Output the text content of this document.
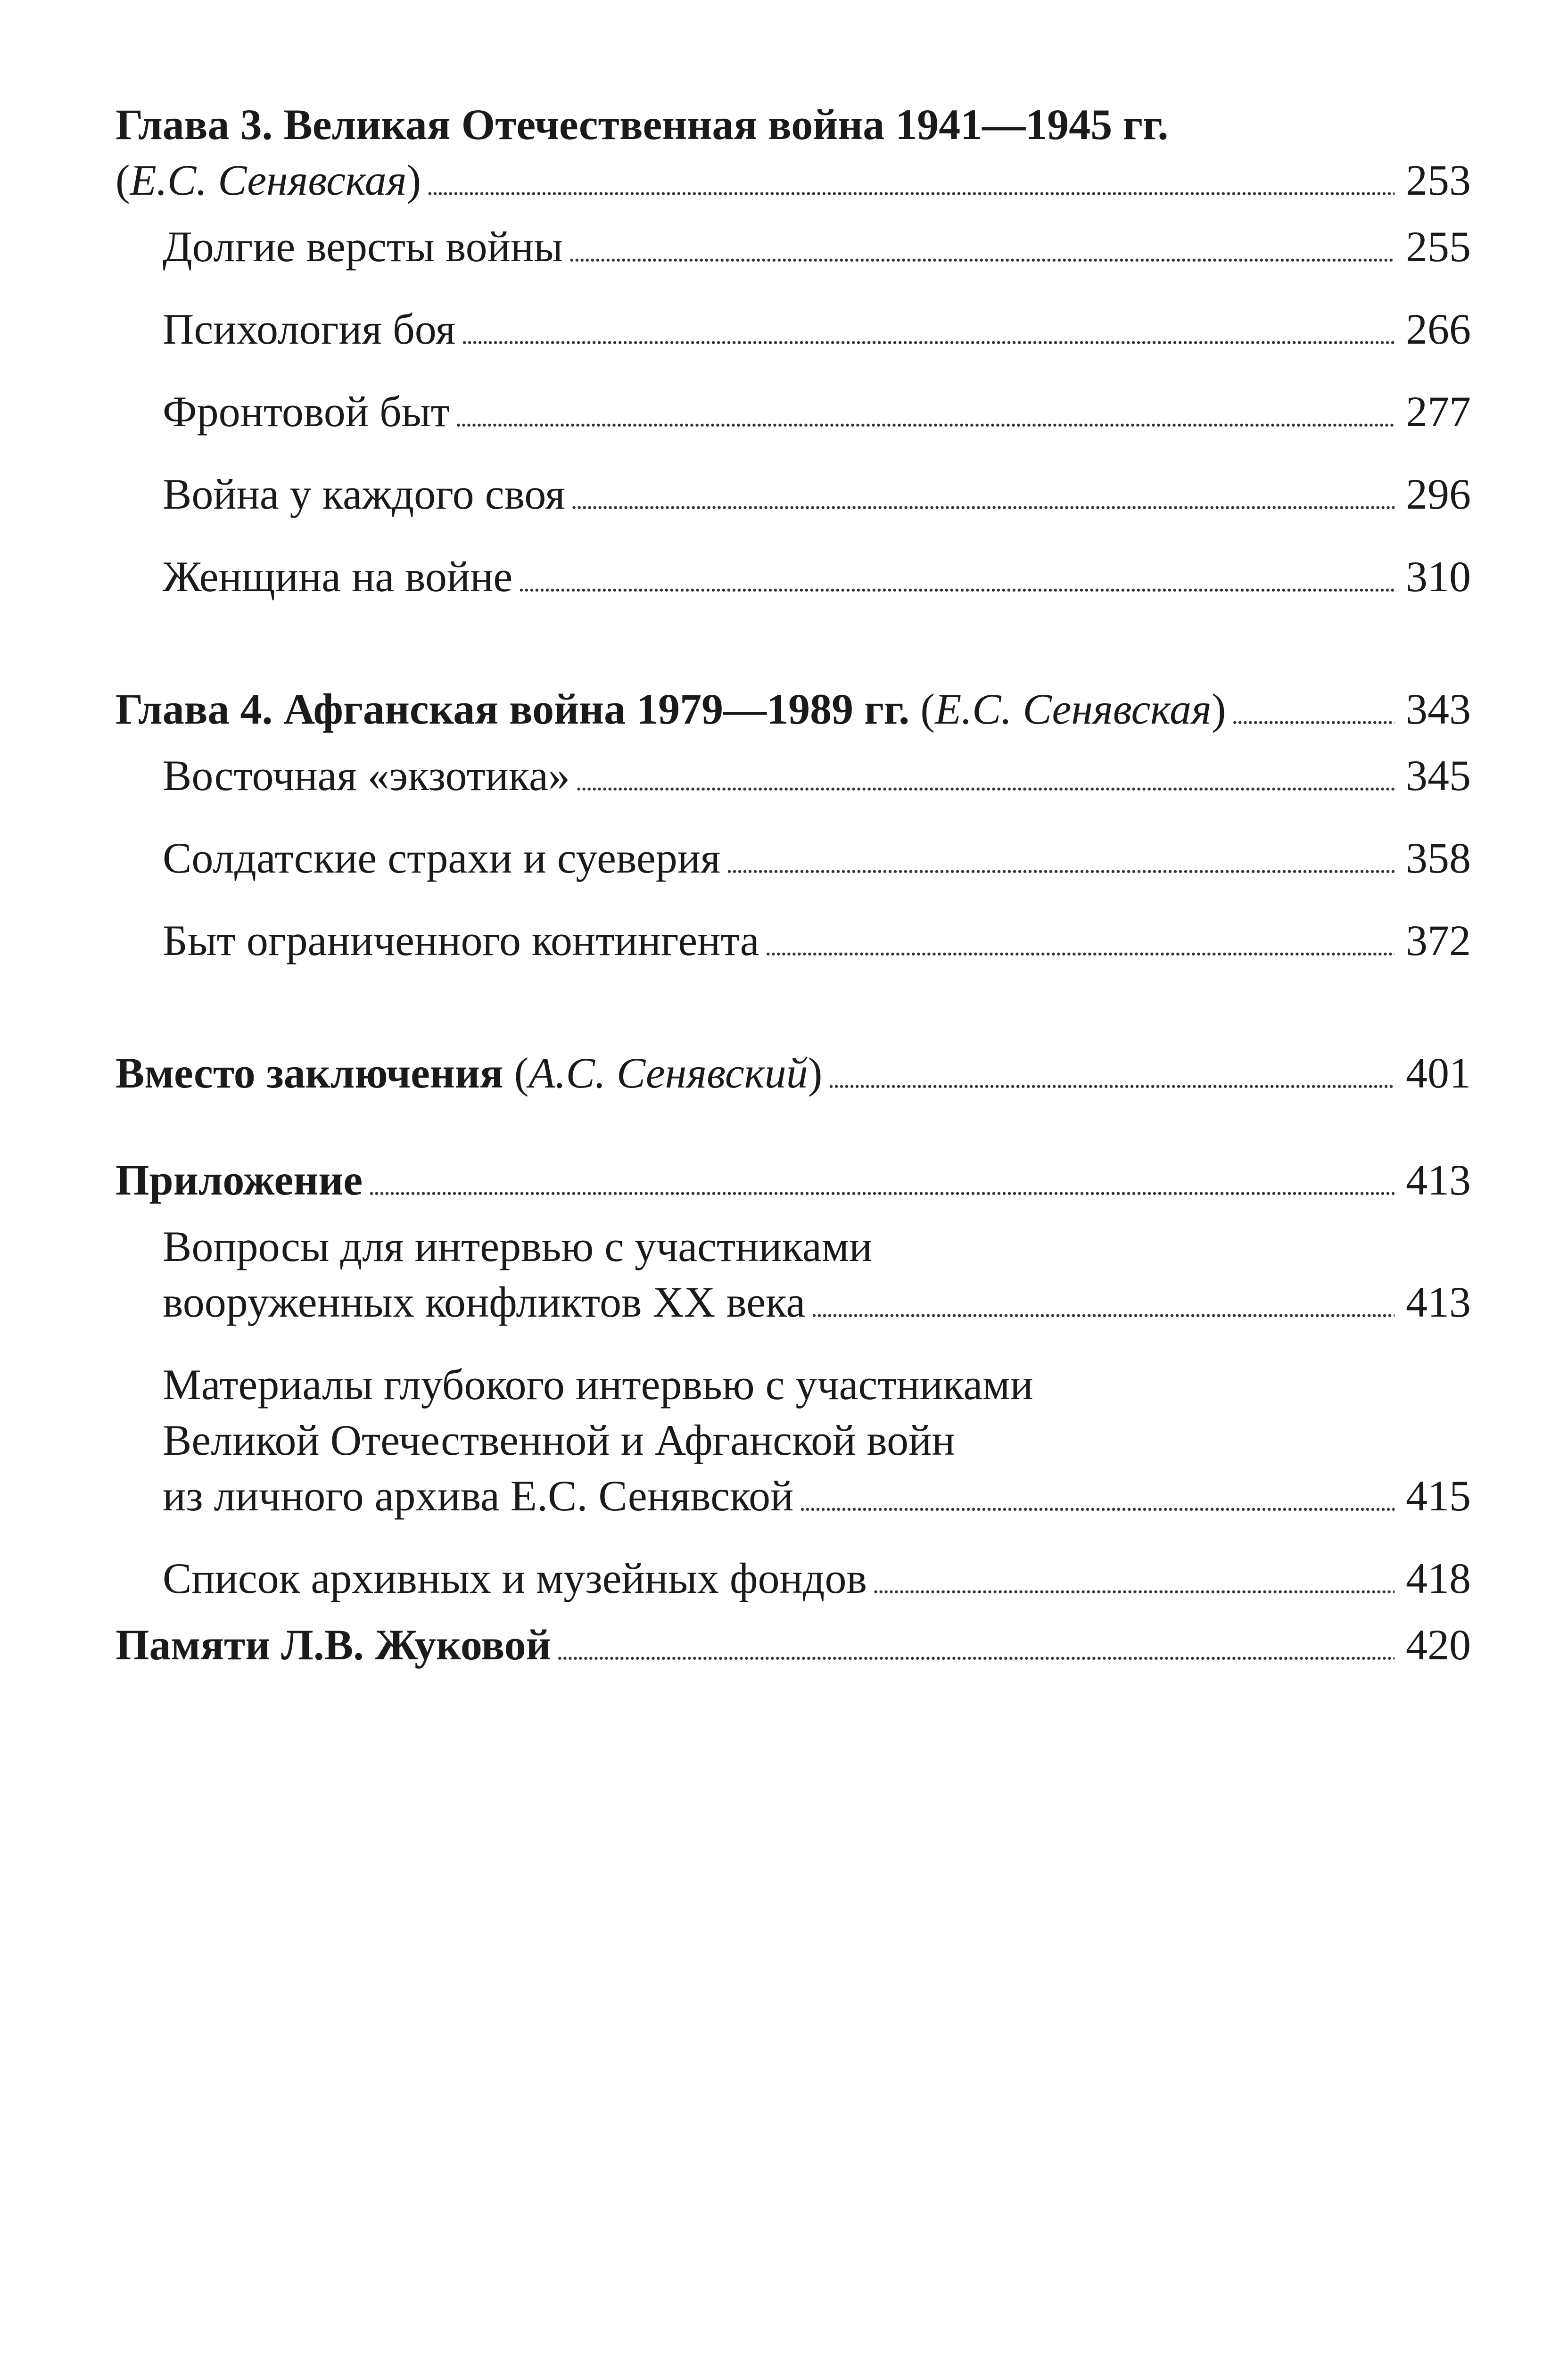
Глава 3. Великая Отечественная война 1941—1945 гг.
(Е.С. Сенявская) . . .	253
Долгие версты войны . . .	255
Психология боя . . .	266
Фронтовой быт . . .	277
Война у каждого своя . . .	296
Женщина на войне . . .	310
Глава 4. Афганская война 1979—1989 гг. (Е.С. Сенявская) . . .	343
Восточная «экзотика» . . .	345
Солдатские страхи и суеверия . . .	358
Быт ограниченного контингента . . .	372
Вместо заключения (А.С. Сенявский) . . .	401
Приложение . . .	413
Вопросы для интервью с участниками
вооруженных конфликтов XX века . . .	413
Материалы глубокого интервью с участниками
Великой Отечественной и Афганской войн
из личного архива Е.С. Сенявской . . .	415
Список архивных и музейных фондов . . .	418
Памяти Л.В. Жуковой . . .	420
